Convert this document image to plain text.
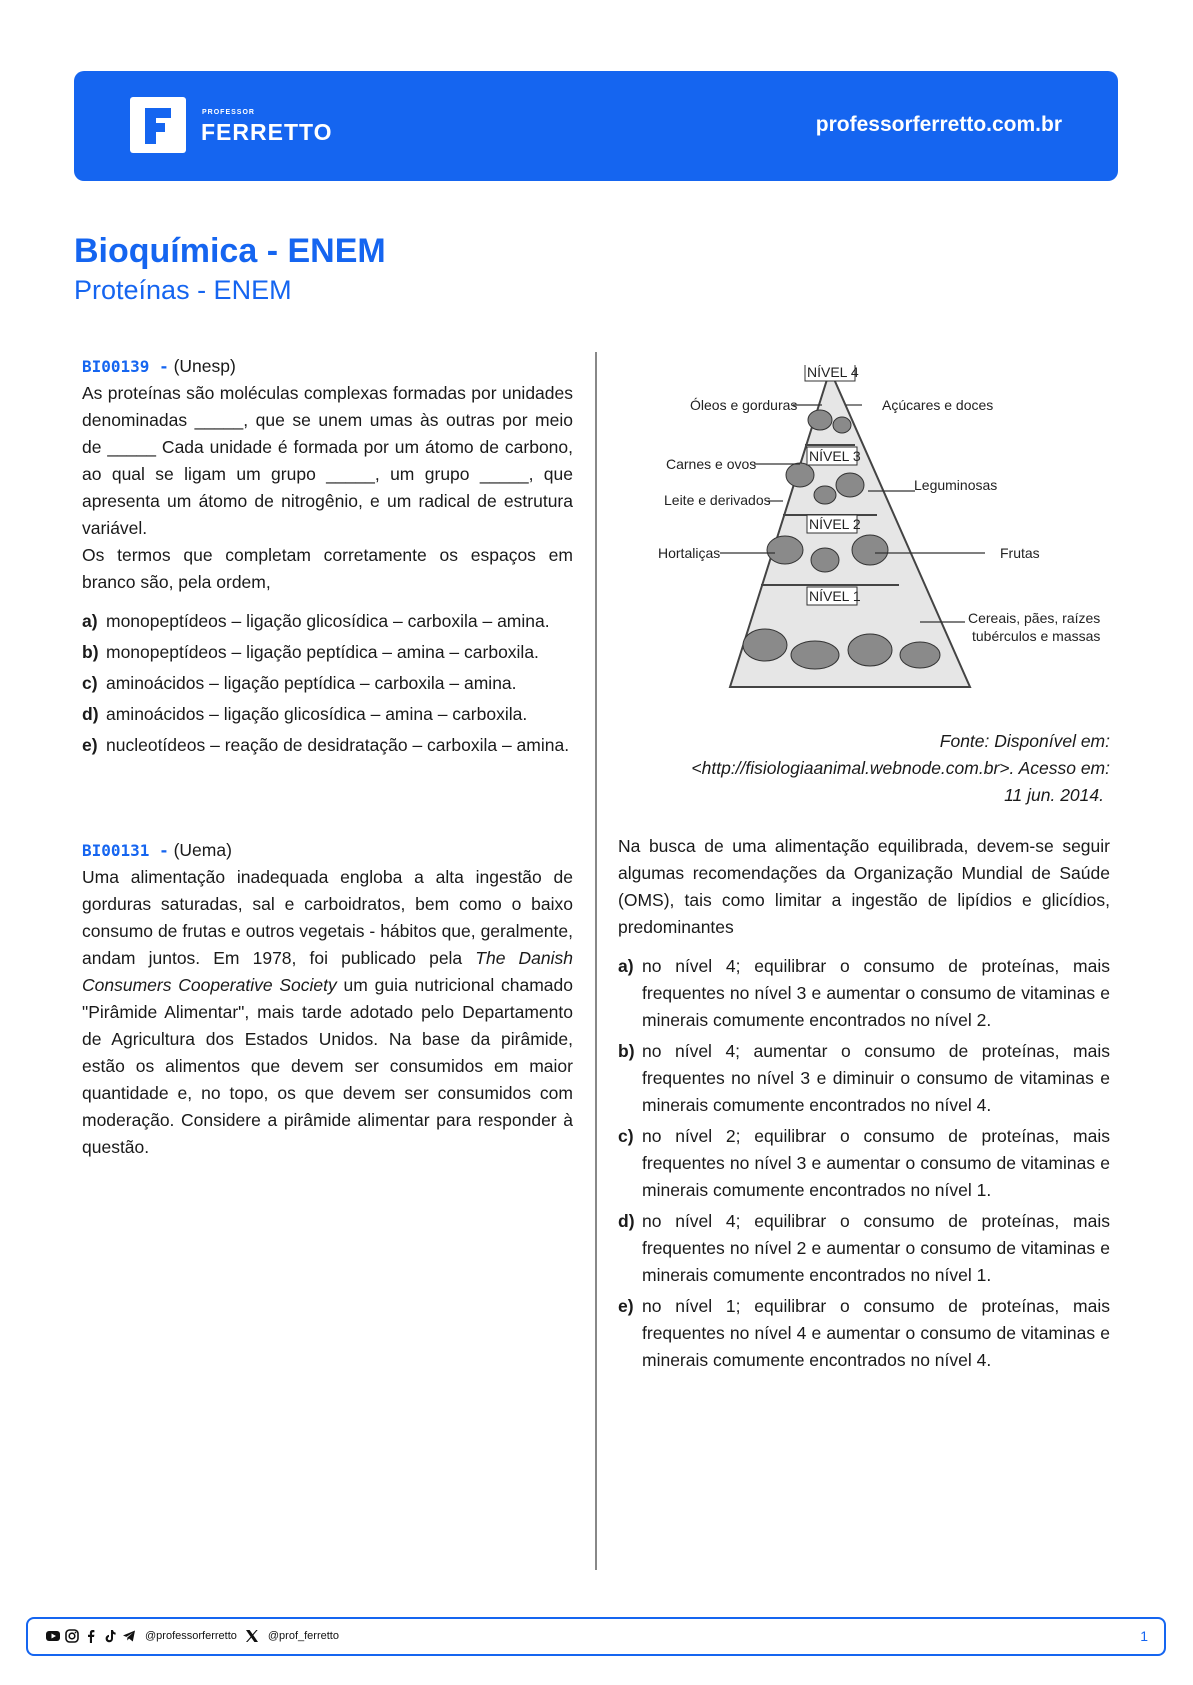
PROFESSOR
FERRETTO	professorferretto.com.br
Bioquímica - ENEM
Proteínas - ENEM
BI00139 - (Unesp)

As proteínas são moléculas complexas formadas por unidades denominadas _____, que se unem umas às outras por meio de _____ Cada unidade é formada por um átomo de carbono, ao qual se ligam um grupo _____, um grupo _____, que apresenta um átomo de nitrogênio, e um radical de estrutura variável.

Os termos que completam corretamente os espaços em branco são, pela ordem,

a) monopeptídeos – ligação glicosídica – carboxila – amina.
b) monopeptídeos – ligação peptídica – amina – carboxila.
c) aminoácidos – ligação peptídica – carboxila – amina.
d) aminoácidos – ligação glicosídica – amina – carboxila.
e) nucleotídeos – reação de desidratação – carboxila – amina.
BI00131 - (Uema)

Uma alimentação inadequada engloba a alta ingestão de gorduras saturadas, sal e carboidratos, bem como o baixo consumo de frutas e outros vegetais - hábitos que, geralmente, andam juntos. Em 1978, foi publicado pela The Danish Consumers Cooperative Society um guia nutricional chamado "Pirâmide Alimentar", mais tarde adotado pelo Departamento de Agricultura dos Estados Unidos. Na base da pirâmide, estão os alimentos que devem ser consumidos em maior quantidade e, no topo, os que devem ser consumidos com moderação. Considere a pirâmide alimentar para responder à questão.

NÍVEL 4
NÍVEL 3
NÍVEL 2
NÍVEL 1
Óleos e gorduras	Açúcares e doces
Carnes e ovos
Leite e derivados
Leguminosas
Hortaliças	Frutas
Cereais, pães, raízes
tubérculos e massas
Fonte: Disponível em:
<http://fisiologiaanimal.webnode.com.br>. Acesso em:
11 jun. 2014.

Na busca de uma alimentação equilibrada, devem-se seguir algumas recomendações da Organização Mundial de Saúde (OMS), tais como limitar a ingestão de lipídios e glicídios, predominantes

a) no nível 4; equilibrar o consumo de proteínas, mais frequentes no nível 3 e aumentar o consumo de vitaminas e minerais comumente encontrados no nível 2.
b) no nível 4; aumentar o consumo de proteínas, mais frequentes no nível 3 e diminuir o consumo de vitaminas e minerais comumente encontrados no nível 4.
c) no nível 2; equilibrar o consumo de proteínas, mais frequentes no nível 3 e aumentar o consumo de vitaminas e minerais comumente encontrados no nível 1.
d) no nível 4; equilibrar o consumo de proteínas, mais frequentes no nível 2 e aumentar o consumo de vitaminas e minerais comumente encontrados no nível 1.
e) no nível 1; equilibrar o consumo de proteínas, mais frequentes no nível 4 e aumentar o consumo de vitaminas e minerais comumente encontrados no nível 4.
@professorferretto	@prof_ferretto	1
